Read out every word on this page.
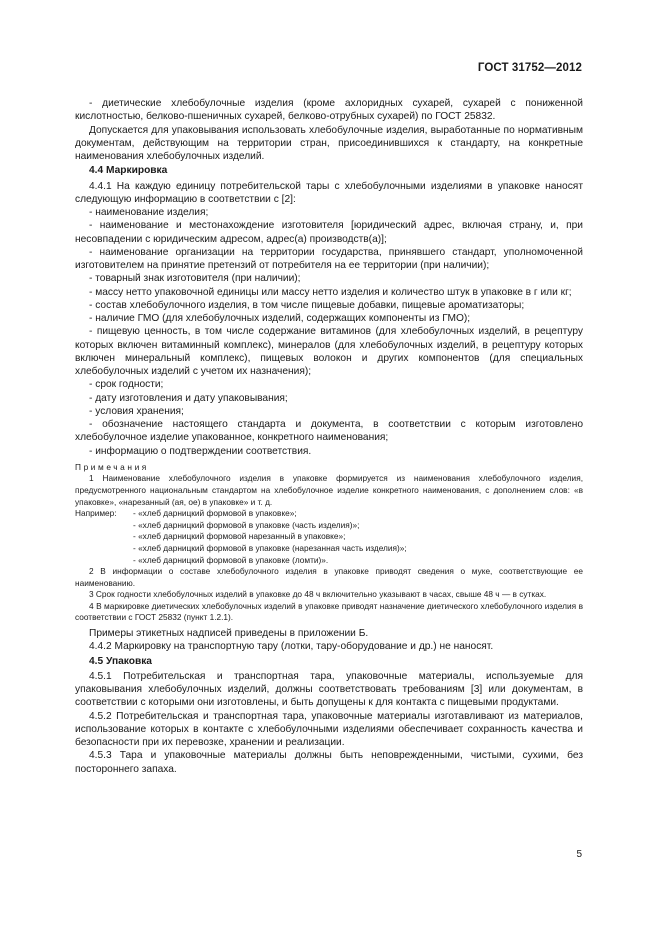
ГОСТ 31752—2012

- диетические хлебобулочные изделия (кроме ахлоридных сухарей, сухарей с пониженной кислотностью, белково-пшеничных сухарей, белково-отрубных сухарей) по ГОСТ 25832.

Допускается для упаковывания использовать хлебобулочные изделия, выработанные по нормативным документам, действующим на территории стран, присоединившихся к стандарту, на конкретные наименования хлебобулочных изделий.

4.4 Маркировка

4.4.1 На каждую единицу потребительской тары с хлебобулочными изделиями в упаковке наносят следующую информацию в соответствии с [2]:

- наименование изделия;

- наименование и местонахождение изготовителя [юридический адрес, включая страну, и, при несовпадении с юридическим адресом, адрес(а) производств(а)];

- наименование организации на территории государства, принявшего стандарт, уполномоченной изготовителем на принятие претензий от потребителя на ее территории (при наличии);

- товарный знак изготовителя (при наличии);

- массу нетто упаковочной единицы или массу нетто изделия и количество штук в упаковке в г или кг;

- состав хлебобулочного изделия, в том числе пищевые добавки, пищевые ароматизаторы;

- наличие ГМО (для хлебобулочных изделий, содержащих компоненты из ГМО);

- пищевую ценность, в том числе содержание витаминов (для хлебобулочных изделий, в рецептуру которых включен витаминный комплекс), минералов (для хлебобулочных изделий, в рецептуру которых включен минеральный комплекс), пищевых волокон и других компонентов (для специальных хлебобулочных изделий с учетом их назначения);

- срок годности;

- дату изготовления и дату упаковывания;

- условия хранения;

- обозначение настоящего стандарта и документа, в соответствии с которым изготовлено хлебобулочное изделие упакованное, конкретного наименования;

- информацию о подтверждении соответствия.

Примечания

1 Наименование хлебобулочного изделия в упаковке формируется из наименования хлебобулочного изделия, предусмотренного национальным стандартом на хлебобулочное изделие конкретного наименования, с дополнением слов: «в упаковке», «нарезанный (ая, ое) в упаковке» и т. д.

Например:	- «хлеб дарницкий формовой в упаковке»;

- «хлеб дарницкий формовой в упаковке (часть изделия)»;

- «хлеб дарницкий формовой нарезанный в упаковке»;

- «хлеб дарницкий формовой в упаковке (нарезанная часть изделия)»;

- «хлеб дарницкий формовой в упаковке (ломти)».

2 В информации о составе хлебобулочного изделия в упаковке приводят сведения о муке, соответствующие ее наименованию.

3 Срок годности хлебобулочных изделий в упаковке до 48 ч включительно указывают в часах, свыше 48 ч — в сутках.

4 В маркировке диетических хлебобулочных изделий в упаковке приводят назначение диетического хлебобулочного изделия в соответствии с ГОСТ 25832 (пункт 1.2.1).

Примеры этикетных надписей приведены в приложении Б.

4.4.2 Маркировку на транспортную тару (лотки, тару-оборудование и др.) не наносят.

4.5 Упаковка

4.5.1 Потребительская и транспортная тара, упаковочные материалы, используемые для упаковывания хлебобулочных изделий, должны соответствовать требованиям [3] или документам, в соответствии с которыми они изготовлены, и быть допущены к для контакта с пищевыми продуктами.

4.5.2 Потребительская и транспортная тара, упаковочные материалы изготавливают из материалов, использование которых в контакте с хлебобулочными изделиями обеспечивает сохранность качества и безопасности при их перевозке, хранении и реализации.

4.5.3 Тара и упаковочные материалы должны быть неповрежденными, чистыми, сухими, без постороннего запаха.

5
